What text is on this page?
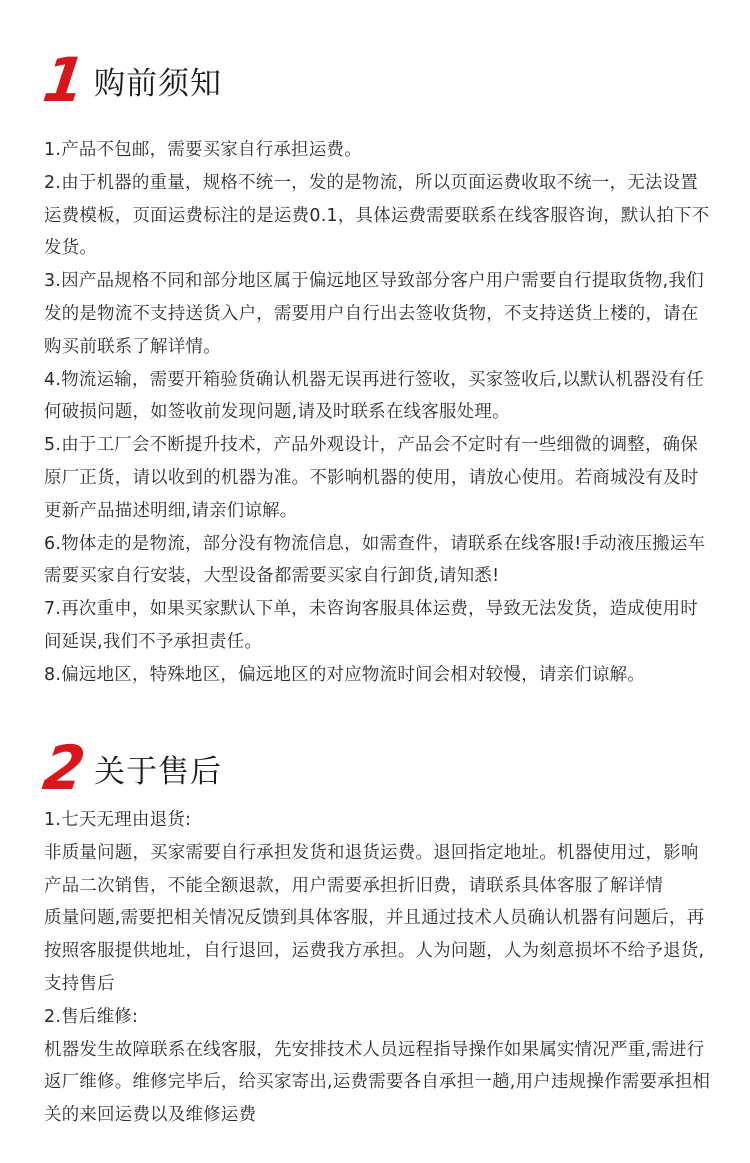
1 购前须知

1.产品不包邮，需要买家自行承担运费。

2.由于机器的重量，规格不统一，发的是物流，所以页面运费收取不统一，无法设置运费模板，页面运费标注的是运费0.1，具体运费需要联系在线客服咨询，默认拍下不发货。

3.因产品规格不同和部分地区属于偏远地区导致部分客户用户需要自行提取货物,我们发的是物流不支持送货入户，需要用户自行出去签收货物，不支持送货上楼的，请在购买前联系了解详情。

4.物流运输，需要开箱验货确认机器无误再进行签收，买家签收后,以默认机器没有任何破损问题，如签收前发现问题,请及时联系在线客服处理。

5.由于工厂会不断提升技术，产品外观设计，产品会不定时有一些细微的调整，确保原厂正货，请以收到的机器为准。不影响机器的使用，请放心使用。若商城没有及时更新产品描述明细,请亲们谅解。

6.物体走的是物流，部分没有物流信息，如需查件，请联系在线客服!手动液压搬运车需要买家自行安装，大型设备都需要买家自行卸货,请知悉!

7.再次重申，如果买家默认下单，未咨询客服具体运费，导致无法发货，造成使用时间延误,我们不予承担责任。

8.偏远地区，特殊地区，偏远地区的对应物流时间会相对较慢，请亲们谅解。

2 关于售后

1.七天无理由退货:

非质量问题，买家需要自行承担发货和退货运费。退回指定地址。机器使用过，影响产品二次销售，不能全额退款，用户需要承担折旧费，请联系具体客服了解详情

质量问题,需要把相关情况反馈到具体客服，并且通过技术人员确认机器有问题后，再按照客服提供地址，自行退回，运费我方承担。人为问题，人为刻意损坏不给予退货,支持售后

2.售后维修:

机器发生故障联系在线客服，先安排技术人员远程指导操作如果属实情况严重,需进行返厂维修。维修完毕后，给买家寄出,运费需要各自承担一趟,用户违规操作需要承担相关的来回运费以及维修运费
